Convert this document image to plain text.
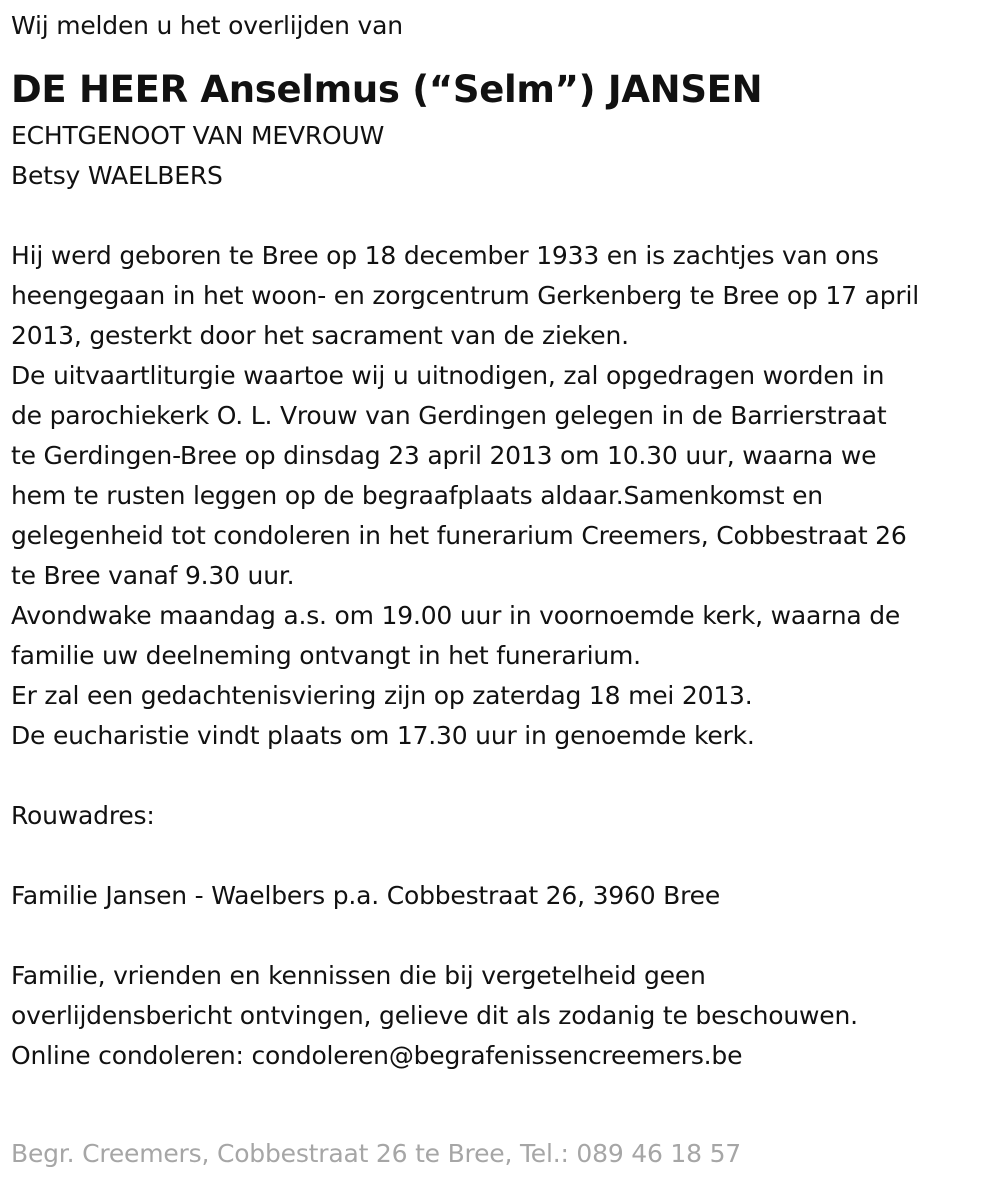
Wij melden u het overlijden van
DE HEER Anselmus (“Selm”) JANSEN
ECHTGENOOT VAN MEVROUW
Betsy WAELBERS
Hij werd geboren te Bree op 18 december 1933 en is zachtjes van ons
heengegaan in het woon- en zorgcentrum Gerkenberg te Bree op 17 april
2013, gesterkt door het sacrament van de zieken.
De uitvaartliturgie waartoe wij u uitnodigen, zal opgedragen worden in
de parochiekerk O. L. Vrouw van Gerdingen gelegen in de Barrierstraat
te Gerdingen-Bree op dinsdag 23 april 2013 om 10.30 uur, waarna we
hem te rusten leggen op de begraafplaats aldaar.Samenkomst en
gelegenheid tot condoleren in het funerarium Creemers, Cobbestraat 26
te Bree vanaf 9.30 uur.
Avondwake maandag a.s. om 19.00 uur in voornoemde kerk, waarna de
familie uw deelneming ontvangt in het funerarium.
Er zal een gedachtenisviering zijn op zaterdag 18 mei 2013.
De eucharistie vindt plaats om 17.30 uur in genoemde kerk.
Rouwadres:
Familie Jansen - Waelbers p.a. Cobbestraat 26, 3960 Bree
Familie, vrienden en kennissen die bij vergetelheid geen
overlijdensbericht ontvingen, gelieve dit als zodanig te beschouwen.
Online condoleren: condoleren@begrafenissencreemers.be
Begr. Creemers, Cobbestraat 26 te Bree, Tel.: 089 46 18 57
